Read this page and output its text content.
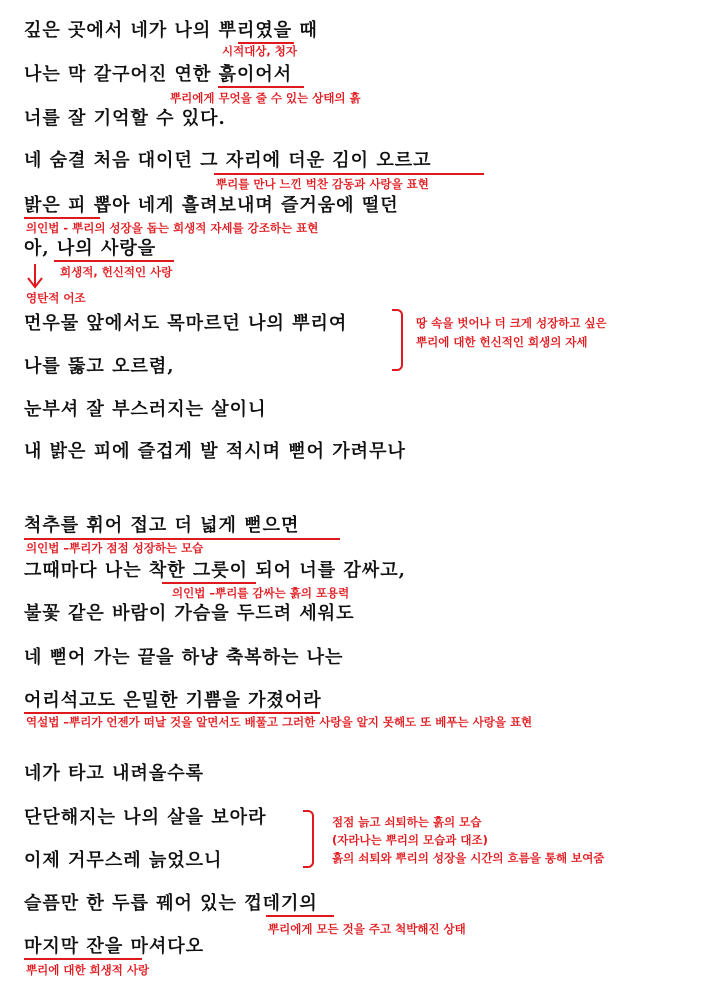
깊은 곳에서 네가 나의 뿌리였을 때
나는 막 갈구어진 연한 흙이어서
너를 잘 기억할 수 있다.
네 숨결 처음 대이던 그 자리에 더운 김이 오르고
밝은 피 뽑아 네게 흘려보내며 즐거움에 떨던
아, 나의 사랑을
먼우물 앞에서도 목마르던 나의 뿌리여
나를 뚫고 오르렴,
눈부셔 잘 부스러지는 살이니
내 밝은 피에 즐겁게 발 적시며 뻗어 가려무나
척추를 휘어 접고 더 넓게 뻗으면
그때마다 나는 착한 그릇이 되어 너를 감싸고,
불꽃 같은 바람이 가슴을 두드려 세워도
네 뻗어 가는 끝을 하냥 축복하는 나는
어리석고도 은밀한 기쁨을 가졌어라
네가 타고 내려올수록
단단해지는 나의 살을 보아라
이제 거무스레 늙었으니
슬픔만 한 두릅 꿰어 있는 껍데기의
마지막 잔을 마셔다오
시적대상, 청자
뿌리에게 무엇을 줄 수 있는 상태의 흙
뿌리를 만나 느낀 벅찬 감동과 사랑을 표현
의인법 - 뿌리의 성장을 돕는 희생적 자세를 강조하는 표현
희생적, 헌신적인 사랑
영탄적 어조
땅 속을 벗어나 더 크게 성장하고 싶은
뿌리에 대한 헌신적인 희생의 자세
의인법 –뿌리가 점점 성장하는 모습
의인법 –뿌리를 감싸는 흙의 포용력
역설법 –뿌리가 언젠가 떠날 것을 알면서도 배풀고 그러한 사랑을 알지 못해도 또 베푸는 사랑을 표현
점점 늙고 쇠퇴하는 흙의 모습
(자라나는 뿌리의 모습과 대조)
흙의 쇠퇴와 뿌리의 성장을 시간의 흐름을 통해 보여줌
뿌리에게 모든 것을 주고 척박해진 상태
뿌리에 대한 희생적 사랑
